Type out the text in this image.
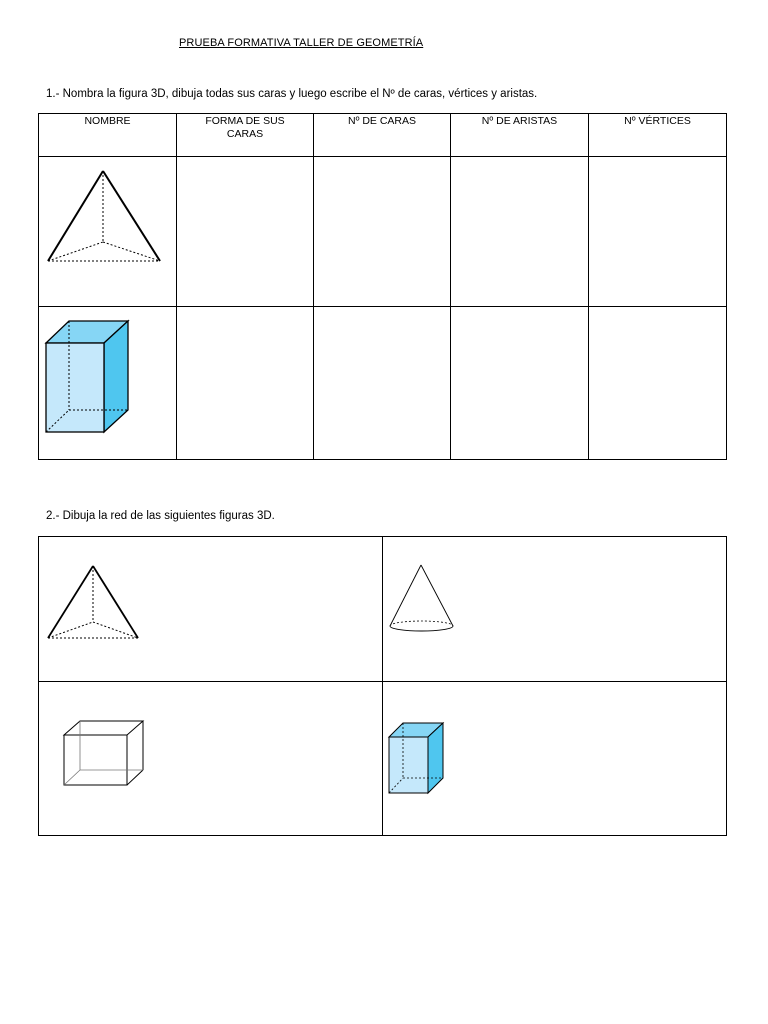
PRUEBA FORMATIVA TALLER DE GEOMETRÍA
1.- Nombra la figura 3D, dibuja todas sus caras y luego escribe el Nº de caras, vértices y aristas.
NOMBRE	FORMA DE SUS CARAS	Nº DE CARAS	Nº DE ARISTAS	Nº VÉRTICES

2.- Dibuja la red de las siguientes figuras 3D.
